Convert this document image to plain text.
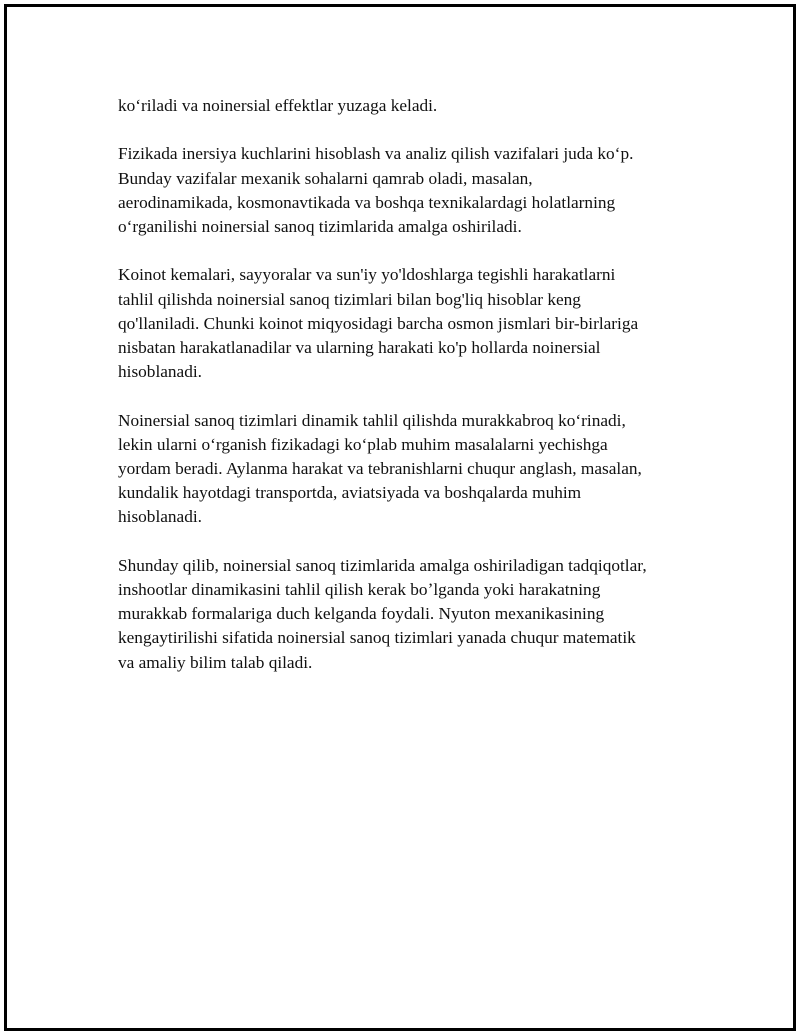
koʻriladi va noinersial effektlar yuzaga keladi.

Fizikada inersiya kuchlarini hisoblash va analiz qilish vazifalari juda koʻp.
Bunday vazifalar mexanik sohalarni qamrab oladi, masalan,
aerodinamikada, kosmonavtikada va boshqa texnikalardagi holatlarning
oʻrganilishi noinersial sanoq tizimlarida amalga oshiriladi.

Koinot kemalari, sayyoralar va sun'iy yo'ldoshlarga tegishli harakatlarni
tahlil qilishda noinersial sanoq tizimlari bilan bog'liq hisoblar keng
qo'llaniladi. Chunki koinot miqyosidagi barcha osmon jismlari bir-birlariga
nisbatan harakatlanadilar va ularning harakati ko'p hollarda noinersial
hisoblanadi.

Noinersial sanoq tizimlari dinamik tahlil qilishda murakkabroq koʻrinadi,
lekin ularni oʻrganish fizikadagi koʻplab muhim masalalarni yechishga
yordam beradi. Aylanma harakat va tebranishlarni chuqur anglash, masalan,
kundalik hayotdagi transportda, aviatsiyada va boshqalarda muhim
hisoblanadi.

Shunday qilib, noinersial sanoq tizimlarida amalga oshiriladigan tadqiqotlar,
inshootlar dinamikasini tahlil qilish kerak boʼlganda yoki harakatning
murakkab formalariga duch kelganda foydali. Nyuton mexanikasining
kengaytirilishi sifatida noinersial sanoq tizimlari yanada chuqur matematik
va amaliy bilim talab qiladi.
